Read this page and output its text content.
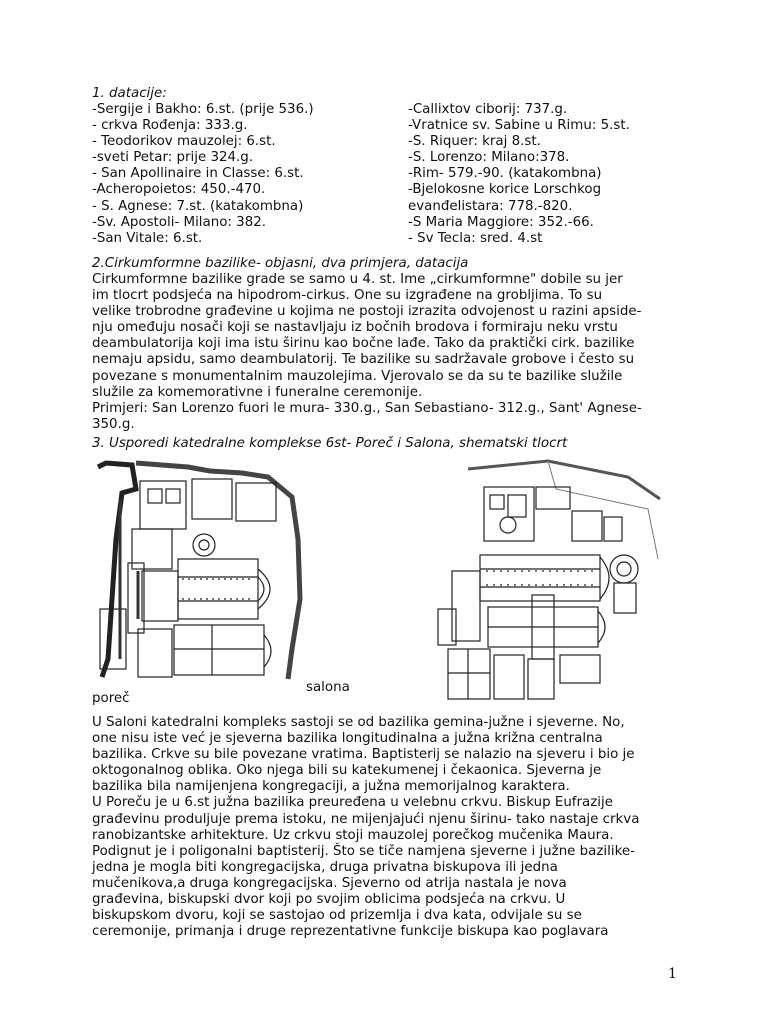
1. datacije:
-Sergije i Bakho: 6.st. (prije 536.)
- crkva Rođenja: 333.g.
- Teodorikov mauzolej: 6.st.
-sveti Petar: prije 324.g.
- San Apollinaire in Classe: 6.st.
-Acheropoietos: 450.-470.
- S. Agnese: 7.st. (katakombna)
-Sv. Apostoli- Milano: 382.
-San Vitale: 6.st.
-Callixtov ciborij: 737.g.
-Vratnice sv. Sabine u Rimu: 5.st.
-S. Riquer: kraj 8.st.
-S. Lorenzo: Milano:378.
-Rim- 579.-90. (katakombna)
-Bjelokosne korice Lorschkog
evanđelistara: 778.-820.
-S Maria Maggiore: 352.-66.
- Sv Tecla: sred. 4.st
2.Cirkumformne bazilike- objasni, dva primjera, datacija
Cirkumformne bazilike grade se samo u 4. st. Ime „cirkumformne" dobile su jer
im tlocrt podsjeća na hipodrom-cirkus. One su izgrađene na grobljima. To su
velike trobrodne građevine u kojima ne postoji izrazita odvojenost u razini apside-
nju omeđuju nosači koji se nastavljaju iz bočnih brodova i formiraju neku vrstu
deambulatorija koji ima istu širinu kao bočne lađe. Tako da praktički cirk. bazilike
nemaju apsidu, samo deambulatorij. Te bazilike su sadržavale grobove i često su
povezane s monumentalnim mauzolejima. Vjerovalo se da su te bazilike služile
služile za komemorativne i funeralne ceremonije.
Primjeri: San Lorenzo fuori le mura- 330.g., San Sebastiano- 312.g., Sant' Agnese-
350.g.
3. Usporedi katedralne komplekse 6st- Poreč i Salona, shematski tlocrt
salona
poreč
U Saloni katedralni kompleks sastoji se od bazilika gemina-južne i sjeverne. No,
one nisu iste već je sjeverna bazilika longitudinalna a južna križna centralna
bazilika. Crkve su bile povezane vratima. Baptisterij se nalazio na sjeveru i bio je
oktogonalnog oblika. Oko njega bili su katekumenej i čekaonica. Sjeverna je
bazilika bila namijenjena kongregaciji, a južna memorijalnog karaktera.
U Poreču je u 6.st južna bazilika preuređena u velebnu crkvu. Biskup Eufrazije
građevinu produljuje prema istoku, ne mijenjajući njenu širinu- tako nastaje crkva
ranobizantske arhitekture. Uz crkvu stoji mauzolej porečkog mučenika Maura.
Podignut je i poligonalni baptisterij. Što se tiče namjena sjeverne i južne bazilike-
jedna je mogla biti kongregacijska, druga privatna biskupova ili jedna
mučenikova,a druga kongregacijska. Sjeverno od atrija nastala je nova
građevina, biskupski dvor koji po svojim oblicima podsjeća na crkvu. U
biskupskom dvoru, koji se sastojao od prizemlja i dva kata, odvijale su se
ceremonije, primanja i druge reprezentativne funkcije biskupa kao poglavara
1
